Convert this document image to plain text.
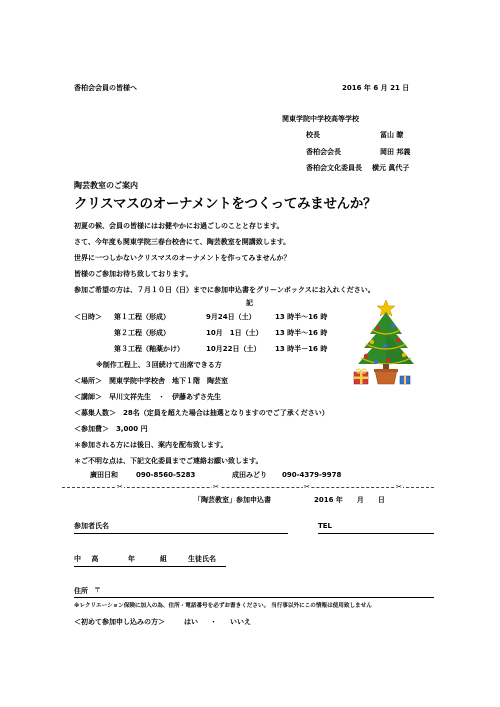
香柏会会員の皆様へ	2016 年 6 月 21 日
関東学院中学校高等学校
校長	冨山 瞭
香柏会会長	岡田 邦義
香柏会文化委員長 横元 眞代子
陶芸教室のご案内
クリスマスのオーナメントをつくってみませんか？
初夏の候、会員の皆様にはお健やかにお過ごしのことと存じます。
さて、今年度も関東学院三春台校舎にて、陶芸教室を開講致します。
世界に一つしかないクリスマスのオーナメントを作ってみませんか？
皆様のご参加お待ち致しております。
参加ご希望の方は、７月１０日（日）までに参加申込書をグリーンボックスにお入れください。
記
＜日時＞ 第１工程（形成）	9月24日（土）	13 時半～16 時
第２工程（形成）	10月　1日（土） 13 時半～16 時
第３工程（釉薬かけ）	10月22日（土） 13 時半－16 時
※制作工程上、３回続けて出席できる方
＜場所＞　関東学院中学校舎　地下１階　陶芸室
＜講師＞　早川文祥先生　・　伊藤あずさ先生
＜募集人数＞　28名（定員を超えた場合は抽選となりますのでご了承ください）
＜参加費＞　3,000 円
＊参加される方には後日、案内を配布致します。
＊ご不明な点は、下記文化委員までご連絡お願い致します。
廣田日和	090-8560-5283	成田みどり 090-4379-9978
✂	✂	✂	✂
「陶芸教室」参加申込書	2016 年　　月　　日
参加者氏名	TEL
中 高	年	組	生徒氏名
住所 〒
※レクリエーション保険に加入の為、住所・電話番号を必ずお書きください。 当行事以外にこの情報は使用致しません
＜初めて参加申し込みの方＞	はい ・ いいえ
